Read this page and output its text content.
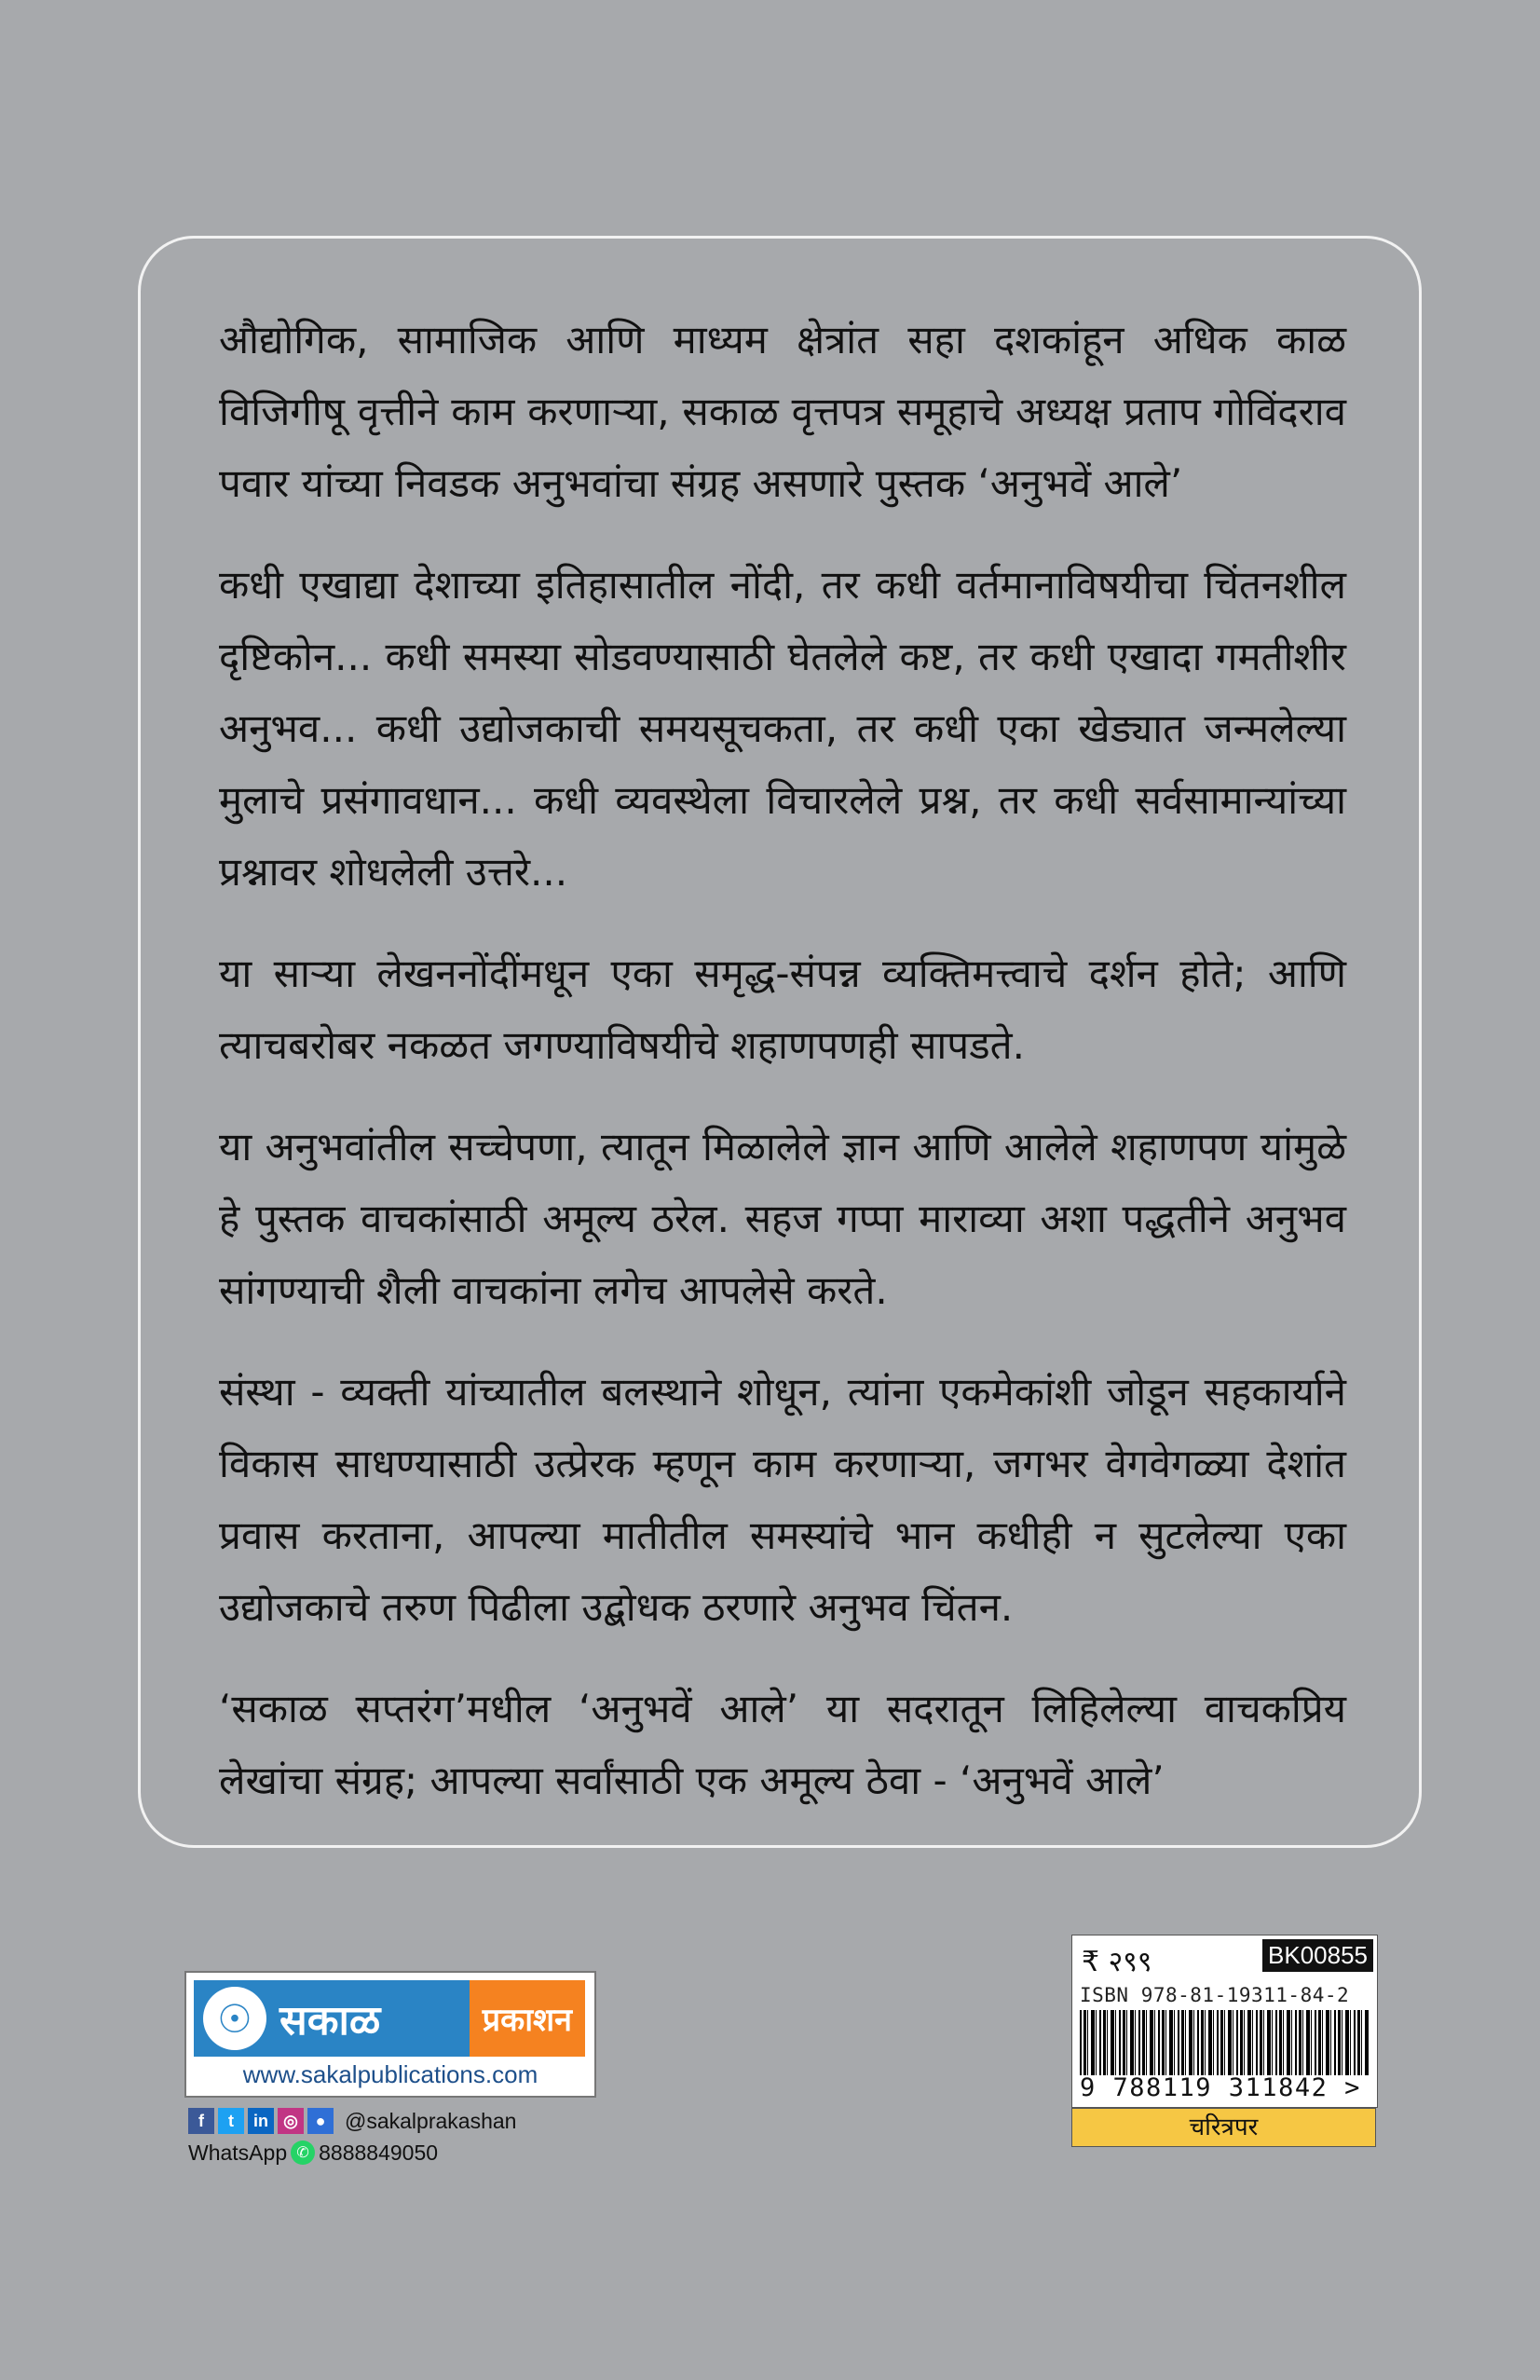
औद्योगिक, सामाजिक आणि माध्यम क्षेत्रांत सहा दशकांहून अधिक काळ विजिगीषू वृत्तीने काम करणाऱ्या, सकाळ वृत्तपत्र समूहाचे अध्यक्ष प्रताप गोविंदराव पवार यांच्या निवडक अनुभवांचा संग्रह असणारे पुस्तक ‘अनुभवें आले’

कधी एखाद्या देशाच्या इतिहासातील नोंदी, तर कधी वर्तमानाविषयीचा चिंतनशील दृष्टिकोन... कधी समस्या सोडवण्यासाठी घेतलेले कष्ट, तर कधी एखादा गमतीशीर अनुभव... कधी उद्योजकाची समयसूचकता, तर कधी एका खेड्यात जन्मलेल्या मुलाचे प्रसंगावधान... कधी व्यवस्थेला विचारलेले प्रश्न, तर कधी सर्वसामान्यांच्या प्रश्नावर शोधलेली उत्तरे...

या साऱ्या लेखननोंदींमधून एका समृद्ध-संपन्न व्यक्तिमत्त्वाचे दर्शन होते; आणि त्याचबरोबर नकळत जगण्याविषयीचे शहाणपणही सापडते.

या अनुभवांतील सच्चेपणा, त्यातून मिळालेले ज्ञान आणि आलेले शहाणपण यांमुळे हे पुस्तक वाचकांसाठी अमूल्य ठरेल. सहज गप्पा माराव्या अशा पद्धतीने अनुभव सांगण्याची शैली वाचकांना लगेच आपलेसे करते.

संस्था - व्यक्ती यांच्यातील बलस्थाने शोधून, त्यांना एकमेकांशी जोडून सहकार्याने विकास साधण्यासाठी उत्प्रेरक म्हणून काम करणाऱ्या, जगभर वेगवेगळ्या देशांत प्रवास करताना, आपल्या मातीतील समस्यांचे भान कधीही न सुटलेल्या एका उद्योजकाचे तरुण पिढीला उद्बोधक ठरणारे अनुभव चिंतन.

‘सकाळ सप्तरंग’मधील ‘अनुभवें आले’ या सदरातून लिहिलेल्या वाचकप्रिय लेखांचा संग्रह; आपल्या सर्वांसाठी एक अमूल्य ठेवा - ‘अनुभवें आले’

☉ सकाळ	प्रकाशन
www.sakalpublications.com
f	t	in ◎	● @sakalprakashan
WhatsApp ✆ 8888849050
₹ २९९	BK00855
ISBN 978-81-19311-84-2
9 788119 311842 >
चरित्रपर
